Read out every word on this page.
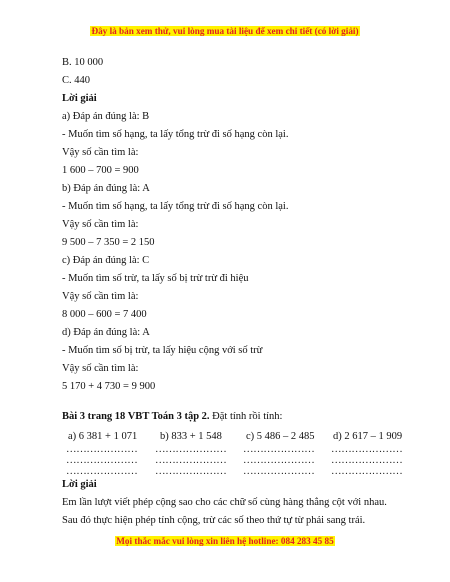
Đây là bản xem thử, vui lòng mua tài liệu để xem chi tiết (có lời giải)
B. 10 000
C. 440
Lời giải
a) Đáp án đúng là: B
- Muốn tìm số hạng, ta lấy tổng trừ đi số hạng còn lại.
Vậy số cần tìm là:
1 600 – 700 = 900
b) Đáp án đúng là: A
- Muốn tìm số hạng, ta lấy tổng trừ đi số hạng còn lại.
Vậy số cần tìm là:
9 500 – 7 350 = 2 150
c) Đáp án đúng là: C
- Muốn tìm số trừ, ta lấy số bị trừ trừ đi hiệu
Vậy số cần tìm là:
8 000 – 600 = 7 400
d) Đáp án đúng là: A
- Muốn tìm số bị trừ, ta lấy hiệu cộng với số trừ
Vậy số cần tìm là:
5 170 + 4 730 = 9 900
Bài 3 trang 18 VBT Toán 3 tập 2. Đặt tính rồi tính:
a) 6 381 + 1 071 b) 833 + 1 548 c) 5 486 – 2 485 d) 2 617 – 1 909
………………… ………………… ………………… …………………
………………… ………………… ………………… …………………
………………… ………………… ………………… …………………
Lời giải
Em lần lượt viết phép cộng sao cho các chữ số cùng hàng thẳng cột với nhau.
Sau đó thực hiện phép tính cộng, trừ các số theo thứ tự từ phải sang trái.
Mọi thắc mắc vui lòng xin liên hệ hotline: 084 283 45 85
